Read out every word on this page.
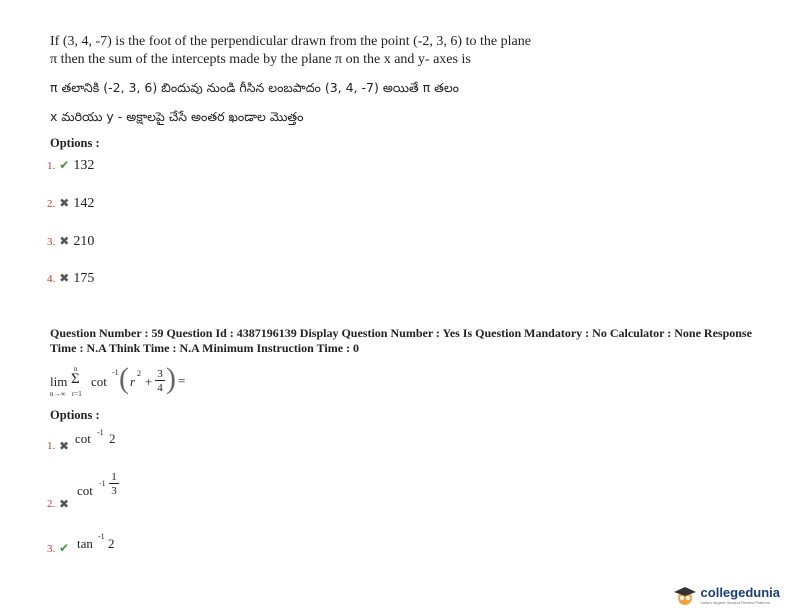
If (3, 4, -7) is the foot of the perpendicular drawn from the point (-2, 3, 6) to the plane
π then the sum of the intercepts made by the plane π on the x and y- axes is
π తలానికి (-2, 3, 6) బిందువు నుండి గీసిన లంబపాదం (3, 4, -7) అయితే π తలం
x మరియు y - అక్షాలపై చేసే అంతర ఖండాల మొత్తం
Options :
1. ✔ 132
2. ✖ 142
3. ✖ 210
4. ✖ 175
Question Number : 59 Question Id : 4387196139 Display Question Number : Yes Is Question Mandatory : No Calculator : None Response
Time : N.A Think Time : N.A Minimum Instruction Time : 0
lim
n→∞
n
Σ
r=1
cot
-1 ( r
2
+ 3
4 ) =
Options :
1. ✖ cot -1 2
2. ✖
cot -1
1
3
3. ✔ tan -1 2
collegedunia
India's largest Student Review Platform
